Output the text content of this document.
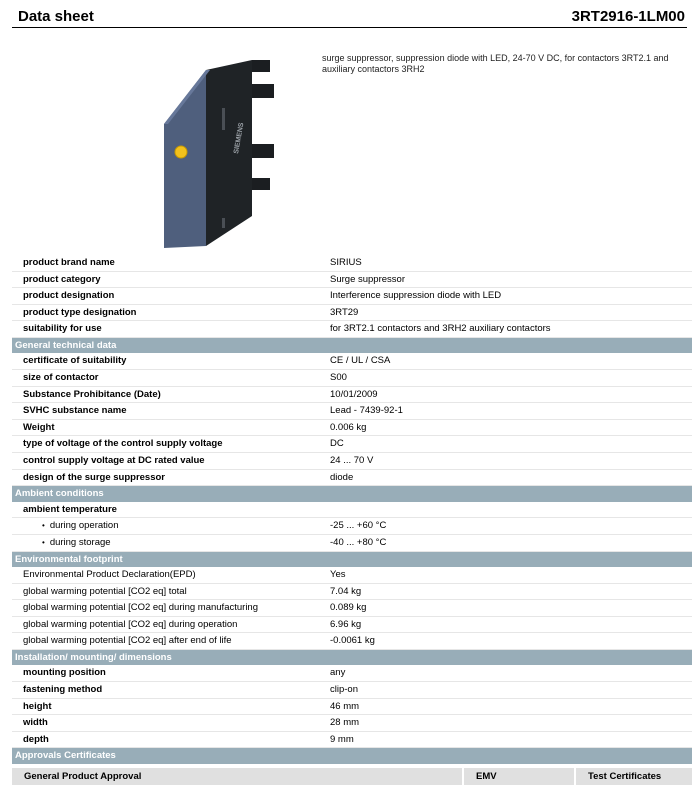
Data sheet	3RT2916-1LM00
SIEMENS
surge suppressor, suppression diode with LED, 24-70 V DC, for contactors 3RT2.1 and auxiliary contactors 3RH2
product brand name	SIRIUS
product category	Surge suppressor
product designation	Interference suppression diode with LED
product type designation	3RT29
suitability for use	for 3RT2.1 contactors and 3RH2 auxiliary contactors
General technical data
certificate of suitability	CE / UL / CSA
size of contactor	S00
Substance Prohibitance (Date)	10/01/2009
SVHC substance name	Lead - 7439-92-1
Weight	0.006 kg
type of voltage of the control supply voltage	DC
control supply voltage at DC rated value	24 ... 70 V
design of the surge suppressor	diode
Ambient conditions
ambient temperature
• during operation	-25 ... +60 °C
• during storage	-40 ... +80 °C
Environmental footprint
Environmental Product Declaration(EPD)	Yes
global warming potential [CO2 eq] total	7.04 kg
global warming potential [CO2 eq] during manufacturing	0.089 kg
global warming potential [CO2 eq] during operation	6.96 kg
global warming potential [CO2 eq] after end of life	-0.0061 kg
Installation/ mounting/ dimensions
mounting position	any
fastening method	clip-on
height	46 mm
width	28 mm
depth	9 mm
Approvals Certificates
General Product Approval	EMV	Test Certificates
